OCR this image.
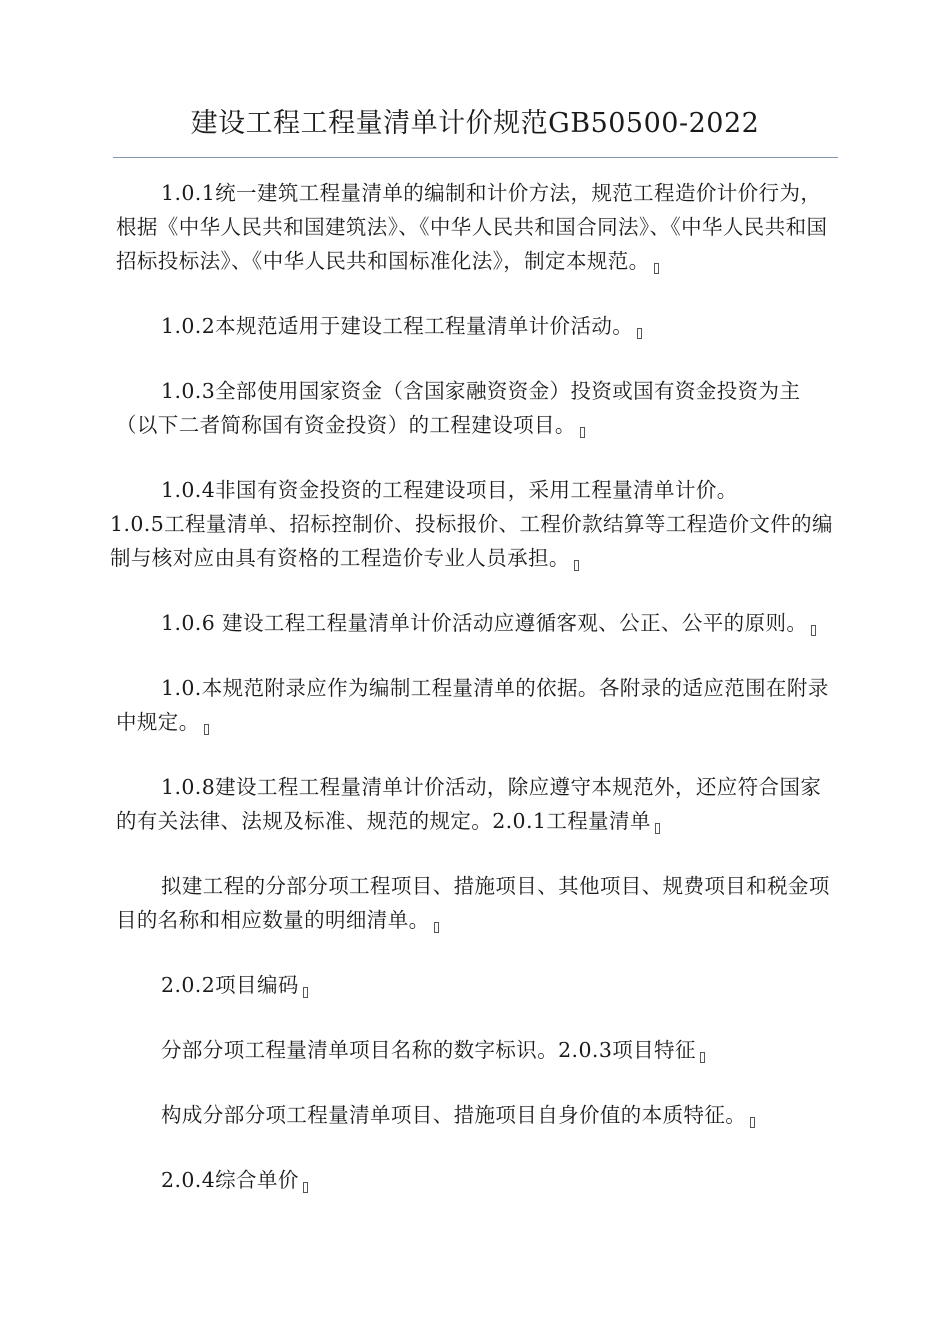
建设工程工程量清单计价规范GB50500-2022

1.0.1统一建筑工程量清单的编制和计价方法，规范工程造价计价行为，根据《中华人民共和国建筑法》、《中华人民共和国合同法》、《中华人民共和国招标投标法》、《中华人民共和国标准化法》，制定本规范。

1.0.2本规范适用于建设工程工程量清单计价活动。

1.0.3全部使用国家资金（含国家融资资金）投资或国有资金投资为主（以下二者简称国有资金投资）的工程建设项目。

1.0.4非国有资金投资的工程建设项目，采用工程量清单计价。

1.0.5工程量清单、招标控制价、投标报价、工程价款结算等工程造价文件的编制与核对应由具有资格的工程造价专业人员承担。

1.0.6 建设工程工程量清单计价活动应遵循客观、公正、公平的原则。

1.0.本规范附录应作为编制工程量清单的依据。各附录的适应范围在附录中规定。

1.0.8建设工程工程量清单计价活动，除应遵守本规范外，还应符合国家的有关法律、法规及标准、规范的规定。2.0.1工程量清单

拟建工程的分部分项工程项目、措施项目、其他项目、规费项目和税金项目的名称和相应数量的明细清单。

2.0.2项目编码

分部分项工程量清单项目名称的数字标识。2.0.3项目特征

构成分部分项工程量清单项目、措施项目自身价值的本质特征。

2.0.4综合单价
